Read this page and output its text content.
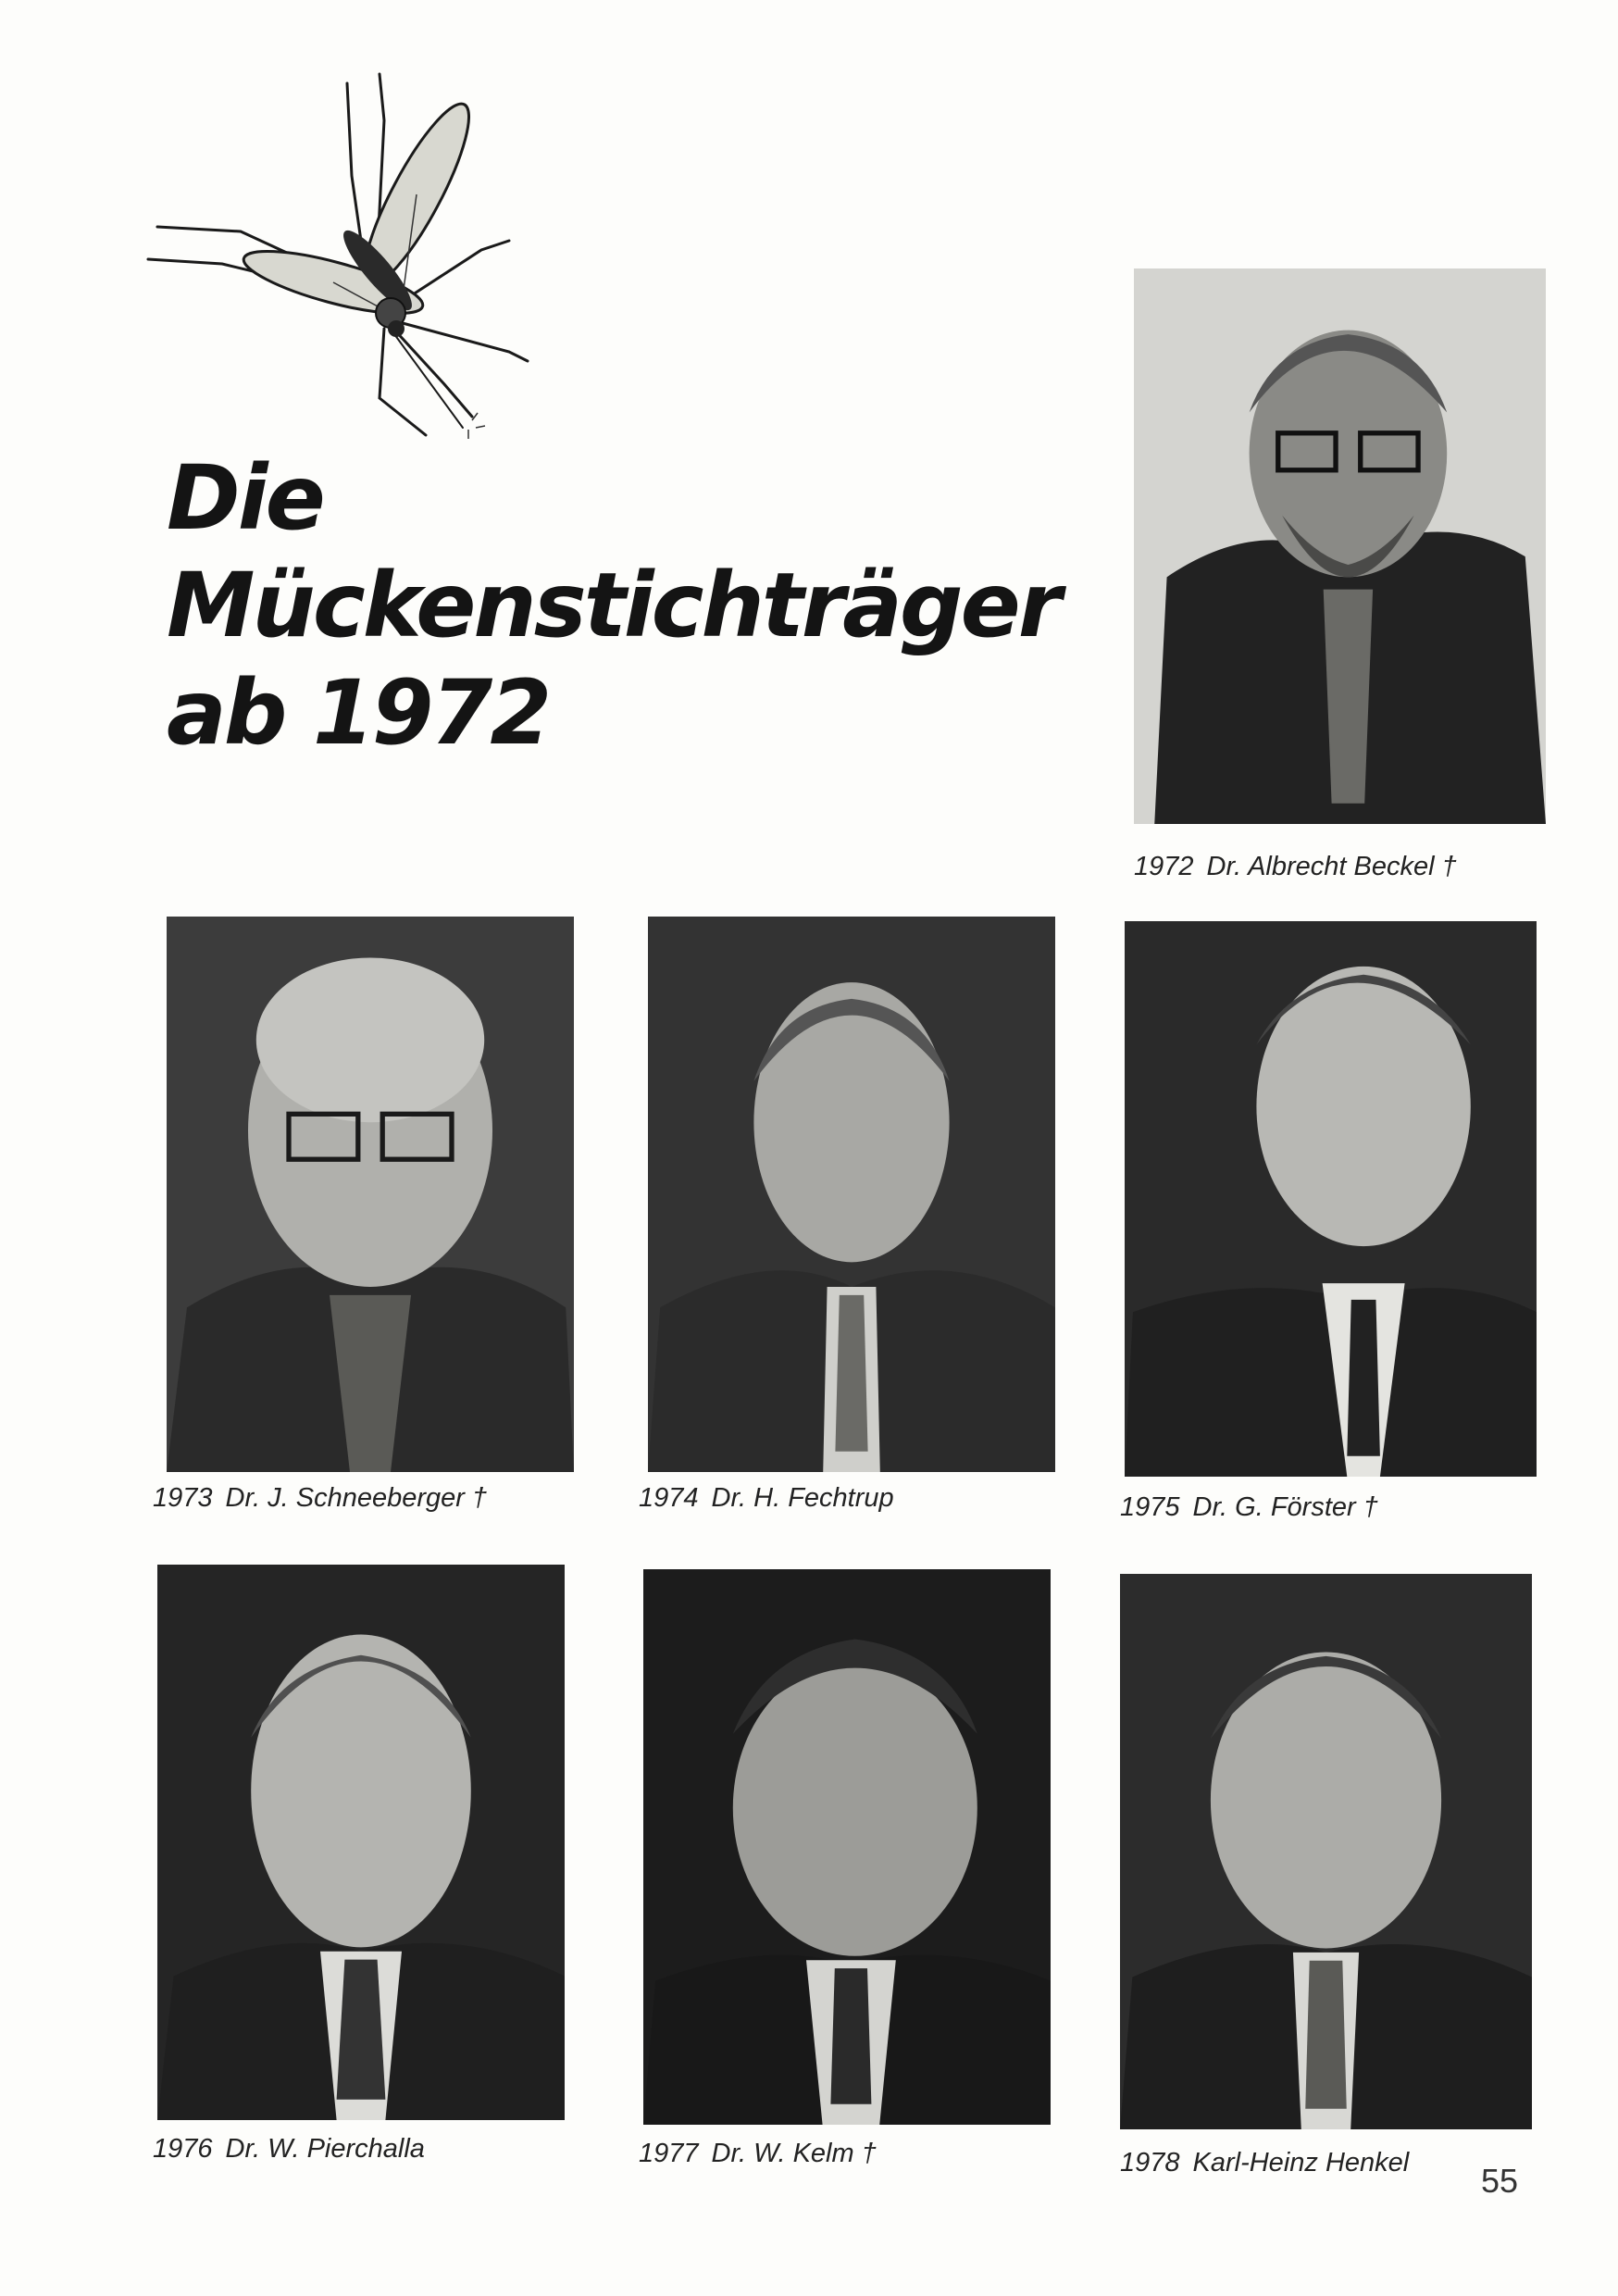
Die
Mückenstichträger
ab 1972
1972 Dr. Albrecht Beckel †
1973 Dr. J. Schneeberger †	1974 Dr. H. Fechtrup	1975 Dr. G. Förster †
1976 Dr. W. Pierchalla	1977 Dr. W. Kelm †	1978 Karl-Heinz Henkel 55
